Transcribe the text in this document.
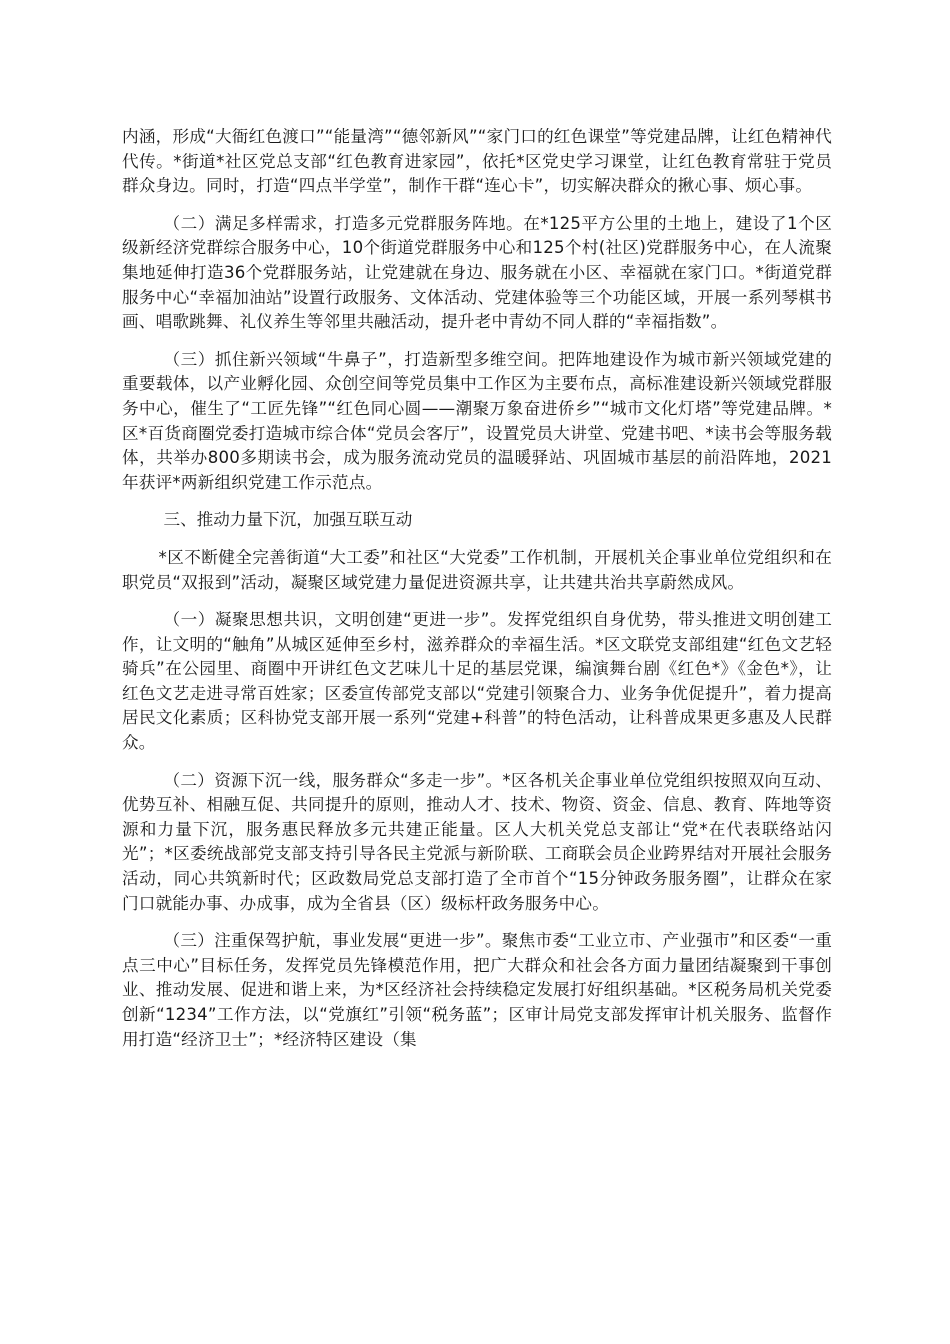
内涵，形成“大衙红色渡口”“能量湾”“德邻新风”“家门口的红色课堂”等党建品牌，让红色精神代代传。*街道*社区党总支部“红色教育进家园”，依托*区党史学习课堂，让红色教育常驻于党员群众身边。同时，打造“四点半学堂”，制作干群“连心卡”，切实解决群众的揪心事、烦心事。

（二）满足多样需求，打造多元党群服务阵地。在*125平方公里的土地上，建设了1个区级新经济党群综合服务中心，10个街道党群服务中心和125个村(社区)党群服务中心，在人流聚集地延伸打造36个党群服务站，让党建就在身边、服务就在小区、幸福就在家门口。*街道党群服务中心“幸福加油站”设置行政服务、文体活动、党建体验等三个功能区域，开展一系列琴棋书画、唱歌跳舞、礼仪养生等邻里共融活动，提升老中青幼不同人群的“幸福指数”。

（三）抓住新兴领域“牛鼻子”，打造新型多维空间。把阵地建设作为城市新兴领域党建的重要载体，以产业孵化园、众创空间等党员集中工作区为主要布点，高标准建设新兴领域党群服务中心，催生了“工匠先锋”“红色同心圆——潮聚万象奋进侨乡”“城市文化灯塔”等党建品牌。*区*百货商圈党委打造城市综合体“党员会客厅”，设置党员大讲堂、党建书吧、*读书会等服务载体，共举办800多期读书会，成为服务流动党员的温暖驿站、巩固城市基层的前沿阵地，2021年获评*两新组织党建工作示范点。

三、推动力量下沉，加强互联互动

*区不断健全完善街道“大工委”和社区“大党委”工作机制，开展机关企事业单位党组织和在职党员“双报到”活动，凝聚区域党建力量促进资源共享，让共建共治共享蔚然成风。

（一）凝聚思想共识，文明创建“更进一步”。发挥党组织自身优势，带头推进文明创建工作，让文明的“触角”从城区延伸至乡村，滋养群众的幸福生活。*区文联党支部组建“红色文艺轻骑兵”在公园里、商圈中开讲红色文艺味儿十足的基层党课，编演舞台剧《红色*》《金色*》，让红色文艺走进寻常百姓家；区委宣传部党支部以“党建引领聚合力、业务争优促提升”，着力提高居民文化素质；区科协党支部开展一系列“党建+科普”的特色活动，让科普成果更多惠及人民群众。

（二）资源下沉一线，服务群众“多走一步”。*区各机关企事业单位党组织按照双向互动、优势互补、相融互促、共同提升的原则，推动人才、技术、物资、资金、信息、教育、阵地等资源和力量下沉，服务惠民释放多元共建正能量。区人大机关党总支部让“党*在代表联络站闪光”；*区委统战部党支部支持引导各民主党派与新阶联、工商联会员企业跨界结对开展社会服务活动，同心共筑新时代；区政数局党总支部打造了全市首个“15分钟政务服务圈”，让群众在家门口就能办事、办成事，成为全省县（区）级标杆政务服务中心。

（三）注重保驾护航，事业发展“更进一步”。聚焦市委“工业立市、产业强市”和区委“一重点三中心”目标任务，发挥党员先锋模范作用，把广大群众和社会各方面力量团结凝聚到干事创业、推动发展、促进和谐上来，为*区经济社会持续稳定发展打好组织基础。*区税务局机关党委创新“1234”工作方法，以“党旗红”引领“税务蓝”；区审计局党支部发挥审计机关服务、监督作用打造“经济卫士”；*经济特区建设（集
